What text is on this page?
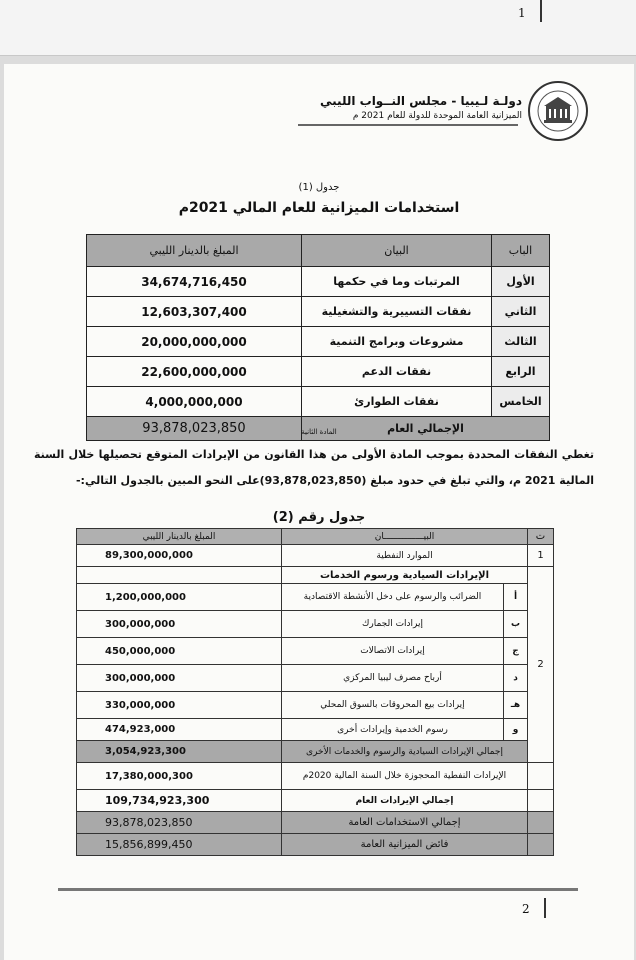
1
دولـة لـيبيا - مجلس النــواب الليبي
الميزانية العامة الموحدة للدولة للعام 2021 م
جدول (1)
استخدامات الميزانية للعام المالي 2021م
الباب	البيان	المبلغ بالدينار الليبي
الأول	المرتبات وما في حكمها	34,674,716,450
الثاني	نفقات التسييرية والتشغيلية	12,603,307,400
الثالث	مشروعات وبرامج التنمية	20,000,000,000
الرابع	نفقات الدعم	22,600,000,000
الخامس	نفقات الطوارئ	4,000,000,000
الإجمالي العام		93,878,023,850	المادة الثانية
تغطي النفقات المحددة بموجب المادة الأولى من هذا القانون من الإيرادات المتوقع تحصيلها خلال السنة المالية 2021 م، والتي تبلغ في حدود مبلغ (93,878,023,850)على النحو المبين بالجدول التالي:-
جدول رقم (2)
ت	البيـــــــــــــــان		المبلغ بالدينار الليبي
1	الموارد النفطية		89,300,000,000
2	الإيرادات السيادية ورسوم الخدمات		
	أ	الضرائب والرسوم على دخل الأنشطة الاقتصادية	1,200,000,000
	ب	إيرادات الجمارك	300,000,000
	ج	إيرادات الاتصالات	450,000,000
	د	أرباح مصرف ليبيا المركزي	300,000,000
	هـ	إيرادات بيع المحروقات بالسوق المحلي	330,000,000
	و	رسوم الخدمية وإيرادات أخرى	474,923,000
	إجمالي الإيرادات السيادية والرسوم والخدمات الأخرى		3,054,923,300
	الإيرادات النفطية المحجوزة خلال السنة المالية 2020م		17,380,000,300
	إجمالي الإيرادات العام		109,734,923,300
	إجمالي الاستخدامات العامة		93,878,023,850
	فائض الميزانية العامة		15,856,899,450
2
